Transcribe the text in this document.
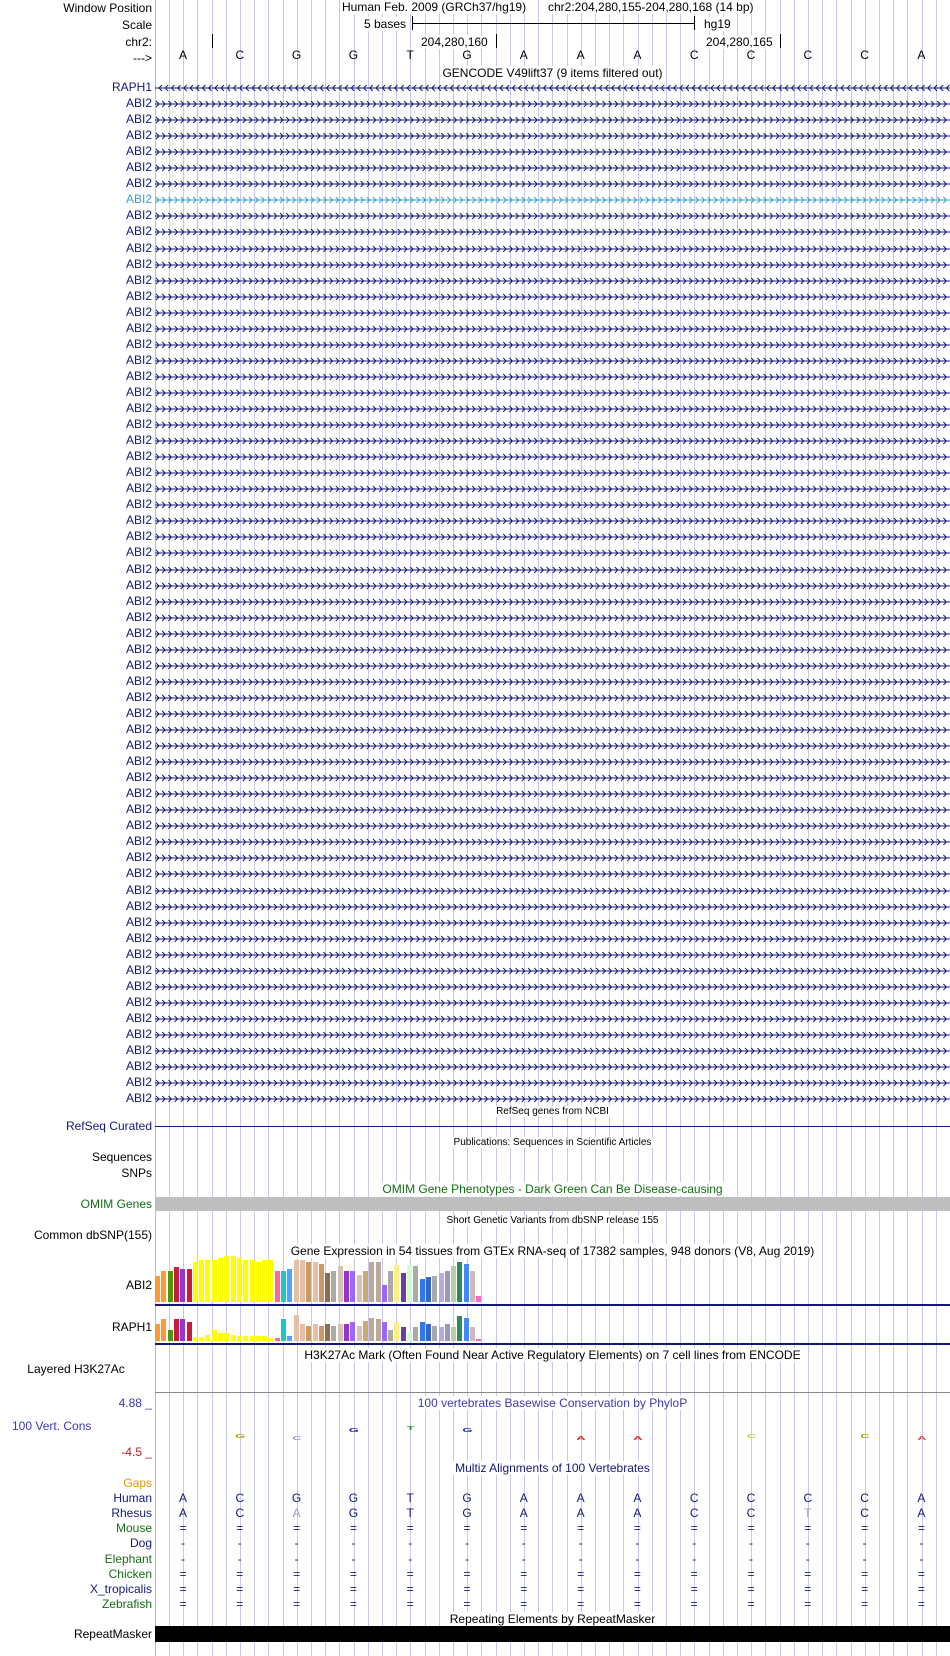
Window Position
Scale
chr2:
--->
Human Feb. 2009 (GRCh37/hg19) chr2:204,280,155-204,280,168 (14 bp)
5 bases	hg19
204,280,160	204,280,165
A	C	G	G	T	G	A	A	A	C	C	C	C	A
GENCODE V49lift37 (9 items filtered out)
RAPH1
ABI2
ABI2
ABI2
ABI2
ABI2
ABI2
ABI2
ABI2
ABI2
ABI2
ABI2
ABI2
ABI2
ABI2
ABI2
ABI2
ABI2
ABI2
ABI2
ABI2
ABI2
ABI2
ABI2
ABI2
ABI2
ABI2
ABI2
ABI2
ABI2
ABI2
ABI2
ABI2
ABI2
ABI2
ABI2
ABI2
ABI2
ABI2
ABI2
ABI2
ABI2
ABI2
ABI2
ABI2
ABI2
ABI2
ABI2
ABI2
ABI2
ABI2
ABI2
ABI2
ABI2
ABI2
ABI2
ABI2
ABI2
ABI2
ABI2
ABI2
ABI2
ABI2
ABI2
RefSeq genes from NCBI
RefSeq Curated
Publications: Sequences in Scientific Articles
Sequences
SNPs
OMIM Gene Phenotypes - Dark Green Can Be Disease-causing
OMIM Genes
Short Genetic Variants from dbSNP release 155
Common dbSNP(155)
Gene Expression in 54 tissues from GTEx RNA-seq of 17382 samples, 948 donors (V8, Aug 2019)
ABI2
RAPH1
H3K27Ac Mark (Often Found Near Active Regulatory Elements) on 7 cell lines from ENCODE
Layered H3K27Ac
100 vertebrates Basewise Conservation by PhyloP
4.88 _
100 Vert. Cons
-4.5 _
G	C
G	T	G
A	A	C	C	A
Multiz Alignments of 100 Vertebrates
Gaps
Human	A	C	G	G	T	G	A	A	A	C	C	C	C	A
Rhesus	A	C	A	G	T	G	A	A	A	C	C	T	C	A
Mouse	=	=	=	=	=	=	=	=	=	=	=	=	=	=
Dog	-	-	-	-	-	-	-	-	-	-	-	-	-	-
Elephant	-	-	-	-	-	-	-	-	-	-	-	-	-	-
Chicken	=	=	=	=	=	=	=	=	=	=	=	=	=	=
X_tropicalis	=	=	=	=	=	=	=	=	=	=	=	=	=	=
Zebrafish	=	=	=	=	=	=	=	=	=	=	=	=	=	=
Repeating Elements by RepeatMasker
RepeatMasker
